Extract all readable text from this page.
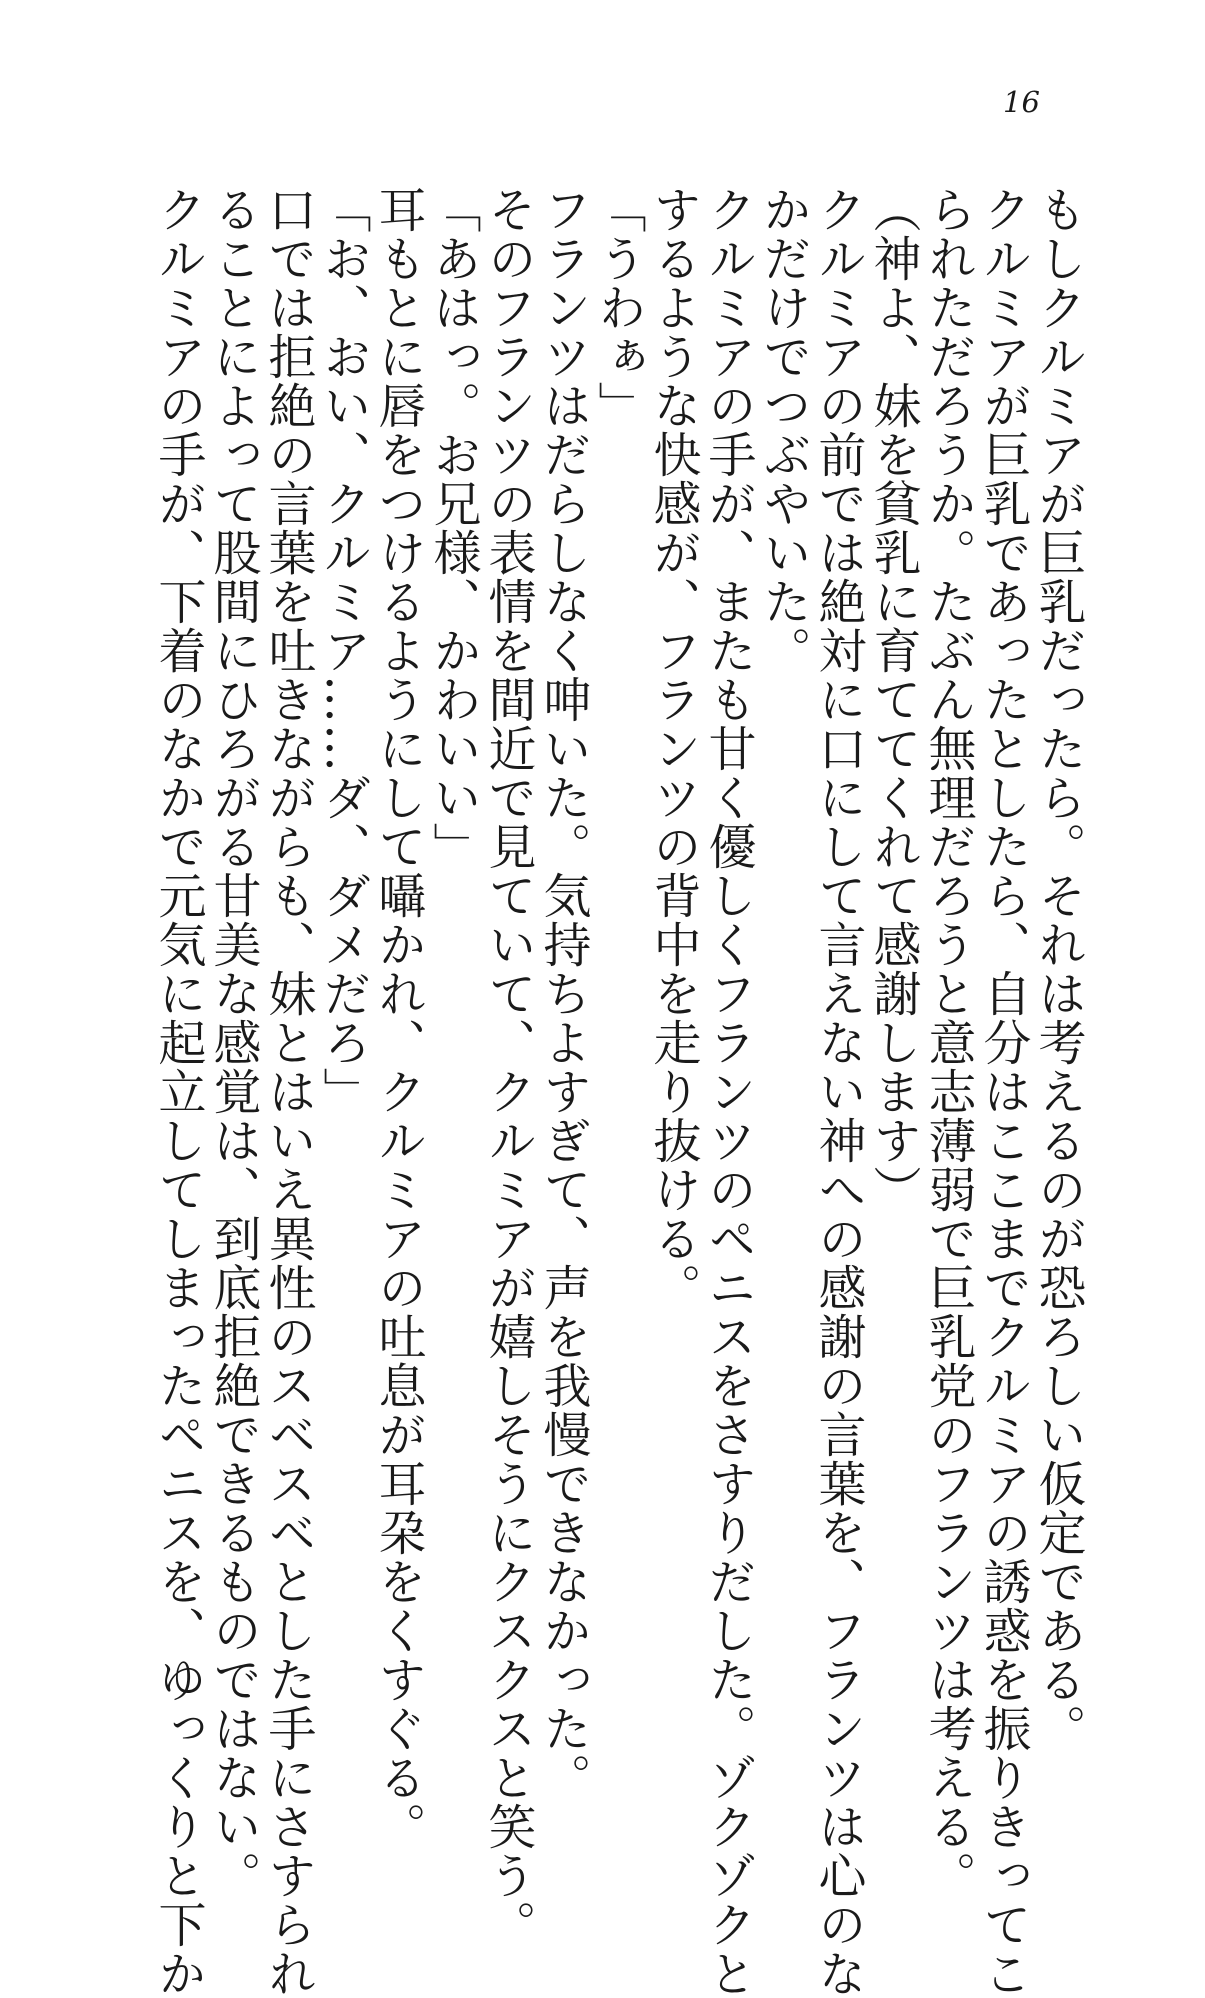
16
もしクルミアが巨乳だったら。それは考えるのが恐ろしい仮定である。
クルミアが巨乳であったとしたら、自分はここまでクルミアの誘惑を振りきってこ
られただろうか。たぶん無理だろうと意志薄弱で巨乳党のフランツは考える。
（神よ、妹を貧乳に育ててくれて感謝します）
クルミアの前では絶対に口にして言えない神への感謝の言葉を、フランツは心のな
かだけでつぶやいた。
クルミアの手が、またも甘く優しくフランツのペニスをさすりだした。ゾクゾクと
するような快感が、フランツの背中を走り抜ける。
「うわぁ」
フランツはだらしなく呻いた。気持ちよすぎて、声を我慢できなかった。
そのフランツの表情を間近で見ていて、クルミアが嬉しそうにクスクスと笑う。
「あはっ。お兄様、かわいい」
耳もとに唇をつけるようにして囁かれ、クルミアの吐息が耳朶をくすぐる。
「お、おい、クルミア……ダ、ダメだろ」
口では拒絶の言葉を吐きながらも、妹とはいえ異性のスベスベとした手にさすられ
ることによって股間にひろがる甘美な感覚は、到底拒絶できるものではない。
クルミアの手が、下着のなかで元気に起立してしまったペニスを、ゆっくりと下か
